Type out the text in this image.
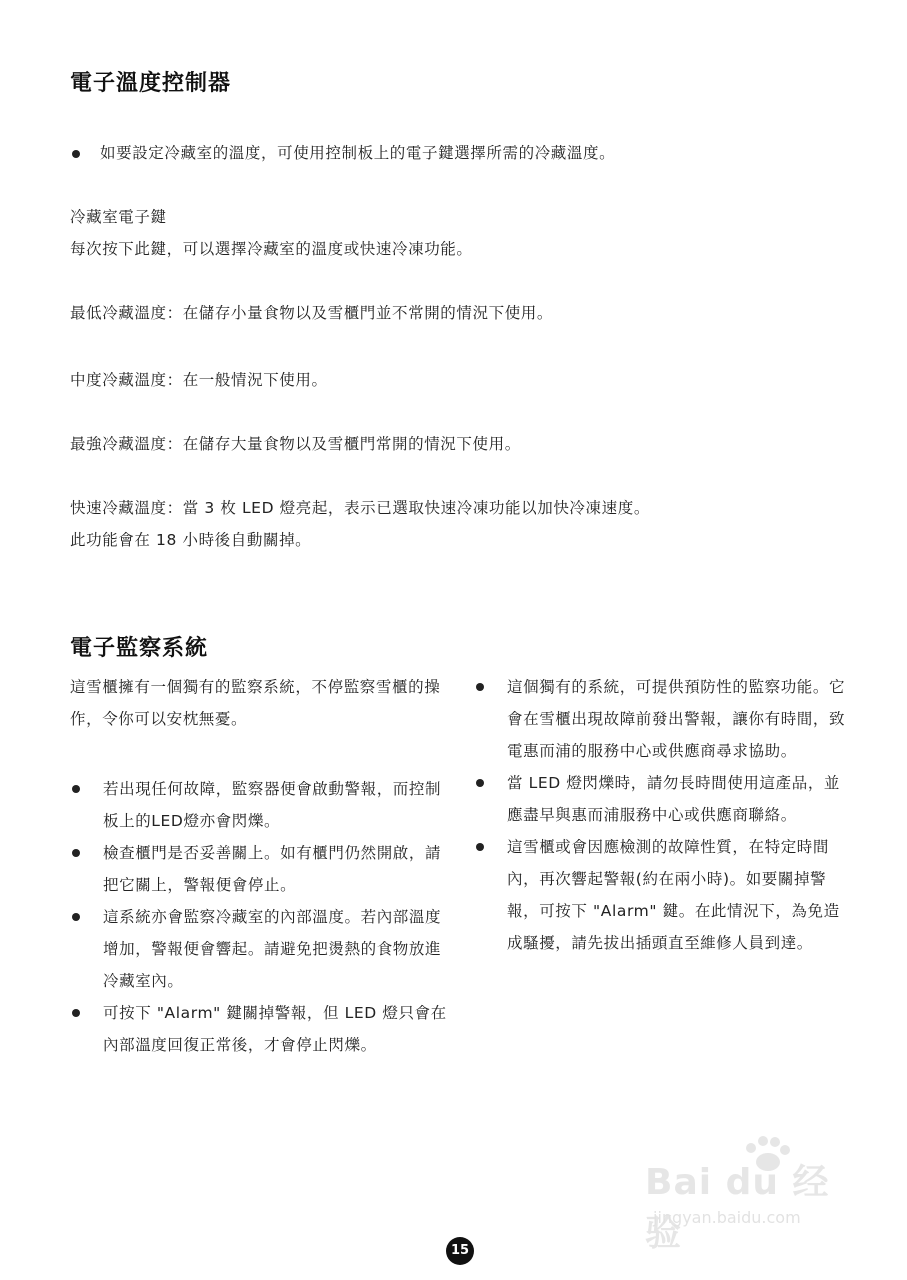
電子溫度控制器
如要設定冷藏室的溫度，可使用控制板上的電子鍵選擇所需的冷藏溫度。
冷藏室電子鍵
每次按下此鍵，可以選擇冷藏室的溫度或快速冷凍功能。
最低冷藏溫度：在儲存小量食物以及雪櫃門並不常開的情況下使用。
中度冷藏溫度：在一般情況下使用。
最強冷藏溫度：在儲存大量食物以及雪櫃門常開的情況下使用。
快速冷藏溫度：當 3 枚 LED 燈亮起，表示已選取快速冷凍功能以加快冷凍速度。
此功能會在 18 小時後自動關掉。
電子監察系統

這雪櫃擁有一個獨有的監察系統，不停監察雪櫃的操作，令你可以安枕無憂。

若出現任何故障，監察器便會啟動警報，而控制板上的LED燈亦會閃爍。

檢查櫃門是否妥善關上。如有櫃門仍然開啟，請把它關上，警報便會停止。

這系統亦會監察冷藏室的內部溫度。若內部溫度增加，警報便會響起。請避免把燙熱的食物放進冷藏室內。

可按下 "Alarm" 鍵關掉警報，但 LED 燈只會在內部溫度回復正常後，才會停止閃爍。

這個獨有的系統，可提供預防性的監察功能。它會在雪櫃出現故障前發出警報，讓你有時間，致電惠而浦的服務中心或供應商尋求協助。

當 LED 燈閃爍時，請勿長時間使用這產品，並應盡早與惠而浦服務中心或供應商聯絡。

這雪櫃或會因應檢測的故障性質，在特定時間內，再次響起警報(約在兩小時)。如要關掉警報，可按下 "Alarm" 鍵。在此情況下，為免造成騷擾，請先拔出插頭直至維修人員到達。

Bai du 经验
jingyan.baidu.com
15
